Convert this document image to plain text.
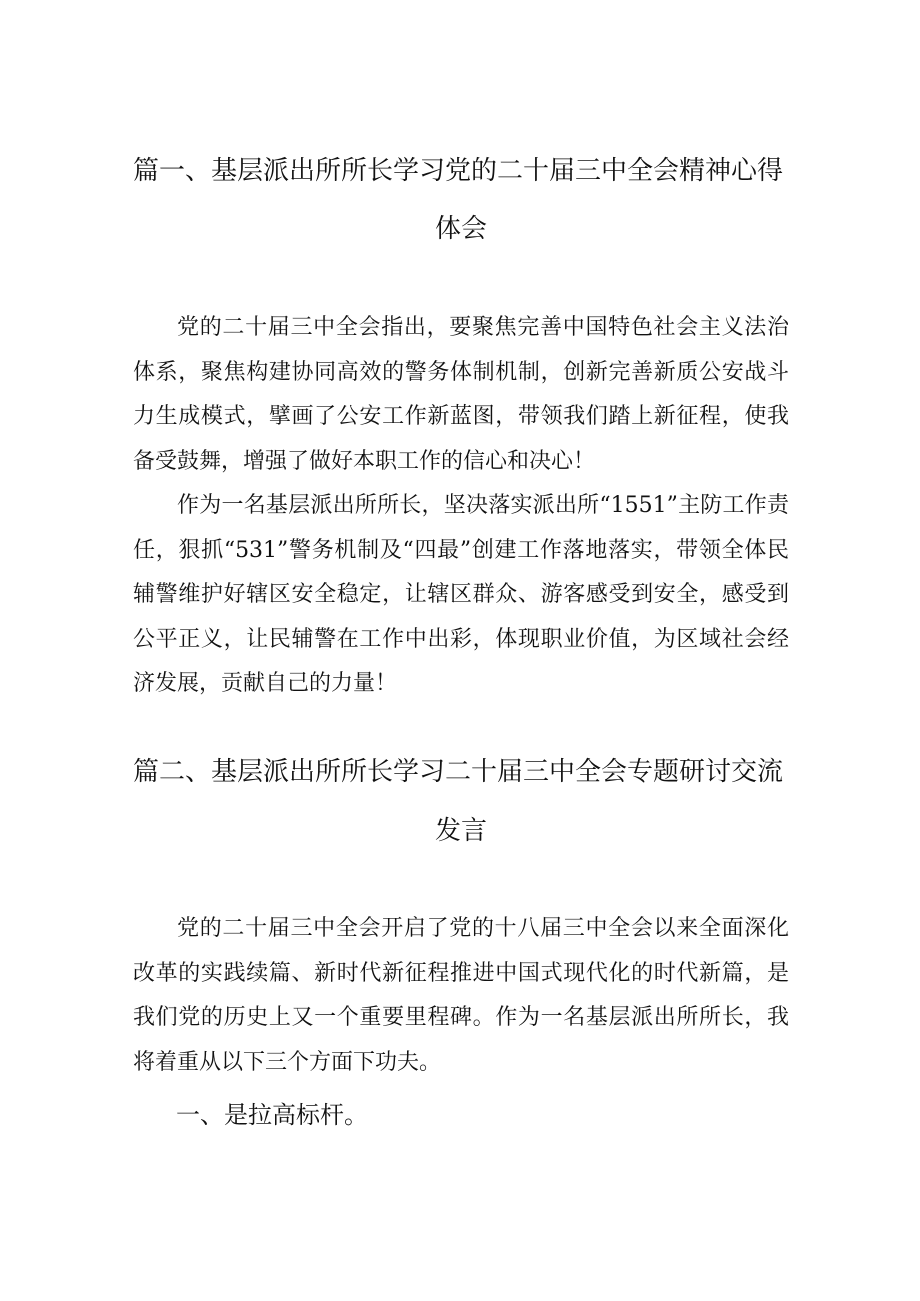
篇一、基层派出所所长学习党的二十届三中全会精神心得
体会

党的二十届三中全会指出，要聚焦完善中国特色社会主义法治体系，聚焦构建协同高效的警务体制机制，创新完善新质公安战斗力生成模式，擘画了公安工作新蓝图，带领我们踏上新征程，使我备受鼓舞，增强了做好本职工作的信心和决心！

作为一名基层派出所所长，坚决落实派出所“1551”主防工作责任，狠抓“531”警务机制及“四最”创建工作落地落实，带领全体民辅警维护好辖区安全稳定，让辖区群众、游客感受到安全，感受到公平正义，让民辅警在工作中出彩，体现职业价值，为区域社会经济发展，贡献自己的力量！

篇二、基层派出所所长学习二十届三中全会专题研讨交流
发言

党的二十届三中全会开启了党的十八届三中全会以来全面深化改革的实践续篇、新时代新征程推进中国式现代化的时代新篇，是我们党的历史上又一个重要里程碑。作为一名基层派出所所长，我将着重从以下三个方面下功夫。

一、是拉高标杆。
